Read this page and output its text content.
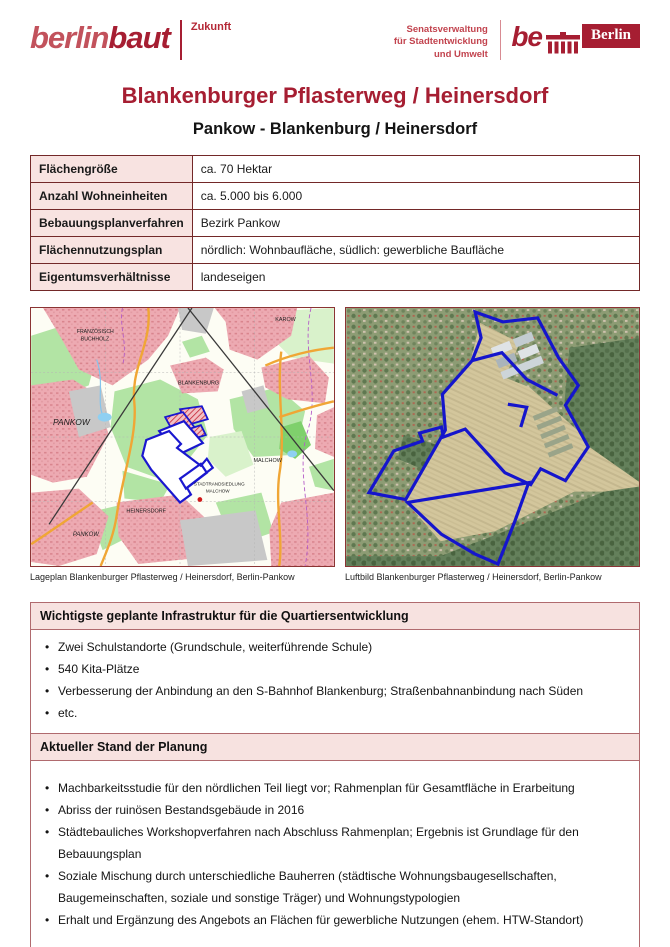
berlinbaut Zukunft	Senatsverwaltung
für Stadtentwicklung
und Umwelt
be	Berlin
Blankenburger Pflasterweg / Heinersdorf
Pankow - Blankenburg / Heinersdorf
Flächengröße	ca. 70 Hektar
Anzahl Wohneinheiten	ca. 5.000 bis 6.000
Bebauungsplanverfahren	Bezirk Pankow
Flächennutzungsplan	nördlich: Wohnbaufläche, südlich: gewerbliche Baufläche
Eigentumsverhältnisse	landeseigen
FRANZÖSISCH
BUCHHOLZ
KAROW
BLANKENBURG
PANKOW
MALCHOW
STADTRANDSIEDLUNG
MALCHOW
HEINERSDORF
PANKOW
Lageplan Blankenburger Pflasterweg / Heinersdorf, Berlin-Pankow	Luftbild Blankenburger Pflasterweg / Heinersdorf, Berlin-Pankow
Wichtigste geplante Infrastruktur für die Quartiersentwicklung
• Zwei Schulstandorte (Grundschule, weiterführende Schule)
• 540 Kita-Plätze
• Verbesserung der Anbindung an den S-Bahnhof Blankenburg; Straßenbahnanbindung nach Süden
• etc.
Aktueller Stand der Planung
• Machbarkeitsstudie für den nördlichen Teil liegt vor; Rahmenplan für Gesamtfläche in Erarbeitung
• Abriss der ruinösen Bestandsgebäude in 2016
• Städtebauliches Workshopverfahren nach Abschluss Rahmenplan; Ergebnis ist Grundlage für den Bebauungsplan
• Soziale Mischung durch unterschiedliche Bauherren (städtische Wohnungsbaugesellschaften, Baugemeinschaften, soziale und sonstige Träger) und Wohnungstypologien
• Erhalt und Ergänzung des Angebots an Flächen für gewerbliche Nutzungen (ehem. HTW-Standort)
